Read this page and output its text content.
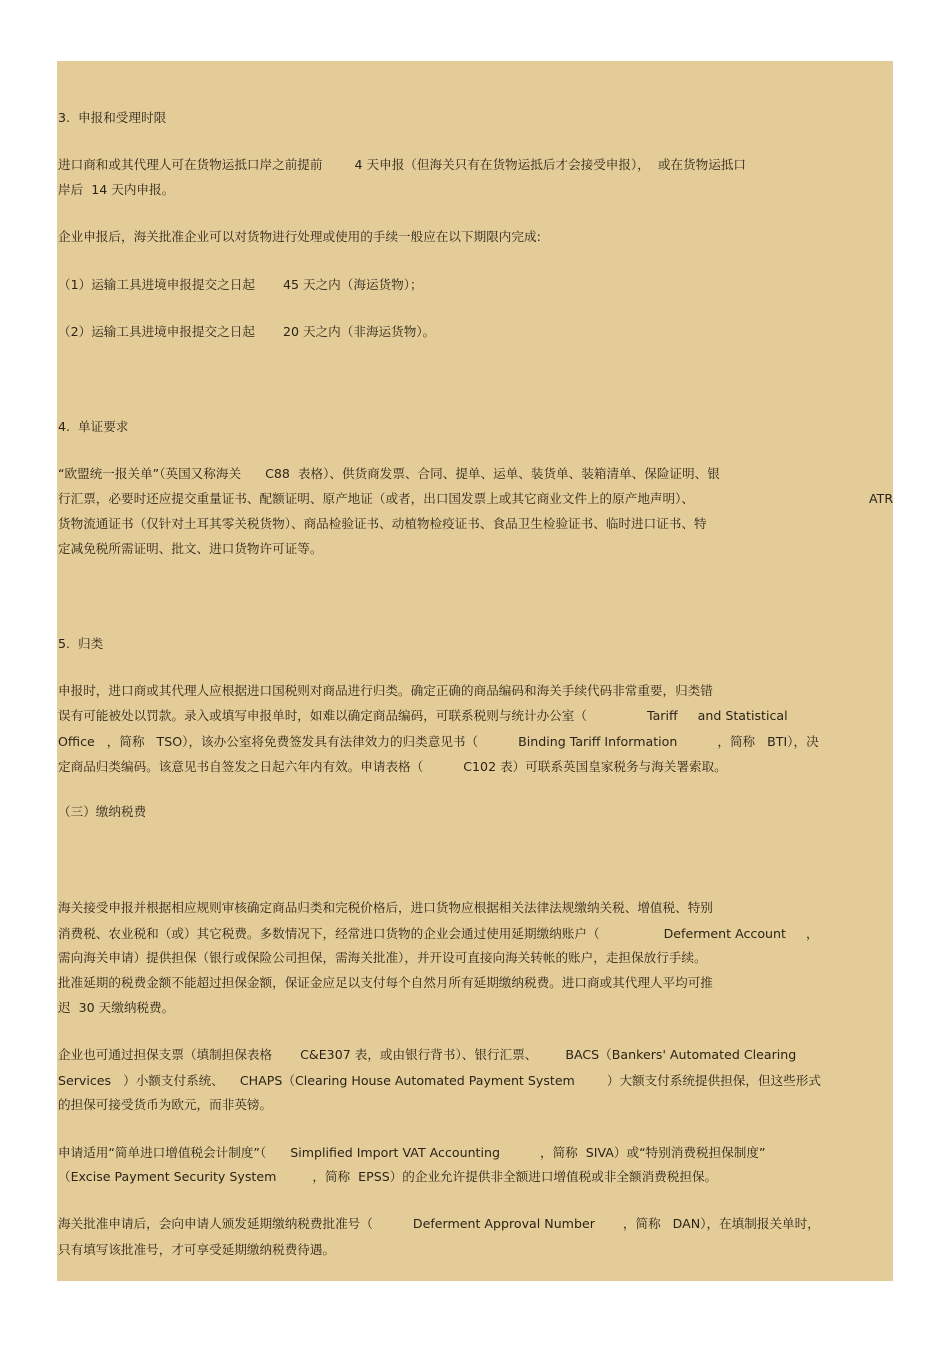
3.  申报和受理时限
进口商和或其代理人可在货物运抵口岸之前提前        4 天申报（但海关只有在货物运抵后才会接受申报），  或在货物运抵口
岸后  14 天内申报。
企业申报后，海关批准企业可以对货物进行处理或使用的手续一般应在以下期限内完成:
（1）运输工具进境申报提交之日起       45 天之内（海运货物）；
（2）运输工具进境申报提交之日起       20 天之内（非海运货物）。
4.  单证要求
“欧盟统一报关单”（英国又称海关      C88  表格）、供货商发票、合同、提单、运单、装货单、装箱清单、保险证明、银
行汇票，必要时还应提交重量证书、配额证明、原产地证（或者，出口国发票上或其它商业文件上的原产地声明）、	ATR
货物流通证书（仅针对土耳其零关税货物）、商品检验证书、动植物检疫证书、食品卫生检验证书、临时进口证书、特
定减免税所需证明、批文、进口货物许可证等。
5.  归类
申报时，进口商或其代理人应根据进口国税则对商品进行归类。确定正确的商品编码和海关手续代码非常重要，归类错
误有可能被处以罚款。录入或填写申报单时，如难以确定商品编码，可联系税则与统计办公室（               Tariff     and Statistical
Office   ，简称   TSO），该办公室将免费签发具有法律效力的归类意见书（          Binding Tariff Information          ，简称   BTI），决
定商品归类编码。该意见书自签发之日起六年内有效。申请表格（          C102 表）可联系英国皇家税务与海关署索取。
（三）缴纳税费
海关接受申报并根据相应规则审核确定商品归类和完税价格后，进口货物应根据相关法律法规缴纳关税、增值税、特别
消费税、农业税和（或）其它税费。多数情况下，经常进口货物的企业会通过使用延期缴纳账户（                Deferment Account     ，
需向海关申请）提供担保（银行或保险公司担保，需海关批准），并开设可直接向海关转帐的账户，走担保放行手续。
批准延期的税费金额不能超过担保金额，保证金应足以支付每个自然月所有延期缴纳税费。进口商或其代理人平均可推
迟  30 天缴纳税费。
企业也可通过担保支票（填制担保表格       C&E307 表，或由银行背书）、银行汇票、       BACS（Bankers' Automated Clearing
Services   ）小额支付系统、    CHAPS（Clearing House Automated Payment System        ）大额支付系统提供担保，但这些形式
的担保可接受货币为欧元，而非英镑。
申请适用“简单进口增值税会计制度”（      Simplified Import VAT Accounting          ，简称  SIVA）或“特别消费税担保制度”
（Excise Payment Security System         ，简称  EPSS）的企业允许提供非全额进口增值税或非全额消费税担保。
海关批准申请后，会向申请人颁发延期缴纳税费批准号（          Deferment Approval Number       ，简称   DAN），在填制报关单时，
只有填写该批准号，才可享受延期缴纳税费待遇。
